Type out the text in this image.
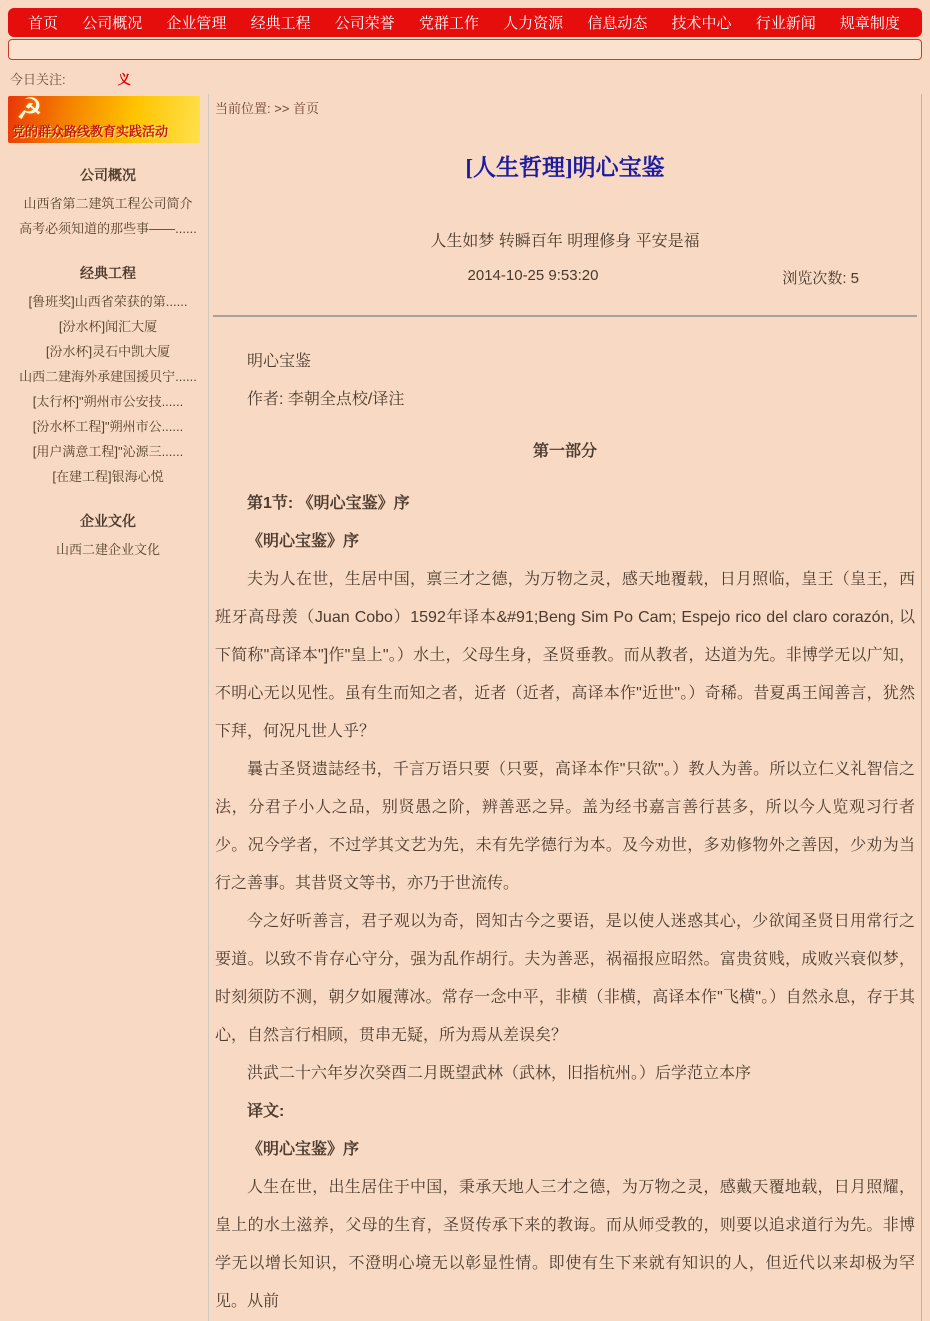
首页 公司概况 企业管理 经典工程 公司荣誉 党群工作 人力资源 信息动态 技术中心 行业新闻 规章制度
今日关注:	义
☭
党的群众路线教育实践活动
公司概况
山西省第二建筑工程公司简介
高考必须知道的那些事——......
经典工程
[鲁班奖]山西省荣获的第......
[汾水杯]闻汇大厦
[汾水杯]灵石中凯大厦
山西二建海外承建国援贝宁......
[太行杯]"朔州市公安技......
[汾水杯工程]"朔州市公......
[用户满意工程]"沁源三......
[在建工程]银海心悦
企业文化
山西二建企业文化
当前位置: >> 首页
[人生哲理]明心宝鉴
人生如梦 转瞬百年 明理修身 平安是福
2014-10-25 9:53:20	浏览次数: 5
明心宝鉴
作者: 李朝全点校/译注
第一部分
第1节: 《明心宝鉴》序
《明心宝鉴》序
夫为人在世，生居中国，禀三才之德，为万物之灵，感天地覆载，日月照临，皇王（皇王，西班牙高母羡（Juan Cobo）1592年译本&#91;Beng Sim Po Cam; Espejo rico del claro corazón, 以下简称"高译本"]作"皇上"。）水土，父母生身，圣贤垂教。而从教者，达道为先。非博学无以广知，不明心无以见性。虽有生而知之者，近者（近者，高译本作"近世"。）奇稀。昔夏禹王闻善言，犹然下拜，何况凡世人乎？
曩古圣贤遗誌经书，千言万语只要（只要，高译本作"只欲"。）教人为善。所以立仁义礼智信之法，分君子小人之品，别贤愚之阶，辨善恶之异。盖为经书嘉言善行甚多，所以今人览观习行者少。况今学者，不过学其文艺为先，未有先学德行为本。及今劝世，多劝修物外之善因，少劝为当行之善事。其昔贤文等书，亦乃于世流传。
今之好听善言，君子观以为奇，罔知古今之要语，是以使人迷惑其心，少欲闻圣贤日用常行之要道。以致不肯存心守分，强为乱作胡行。夫为善恶，祸福报应昭然。富贵贫贱，成败兴衰似梦，时刻须防不测，朝夕如履薄冰。常存一念中平，非横（非横，高译本作"飞横"。）自然永息，存于其心，自然言行相顾，贯串无疑，所为焉从差误矣？
洪武二十六年岁次癸酉二月既望武林（武林，旧指杭州。）后学范立本序
译文:
《明心宝鉴》序
人生在世，出生居住于中国，秉承天地人三才之德，为万物之灵，感戴天覆地载，日月照耀，皇上的水土滋养，父母的生育，圣贤传承下来的教诲。而从师受教的，则要以追求道行为先。非博学无以增长知识，不澄明心境无以彰显性情。即使有生下来就有知识的人，但近代以来却极为罕见。从前
